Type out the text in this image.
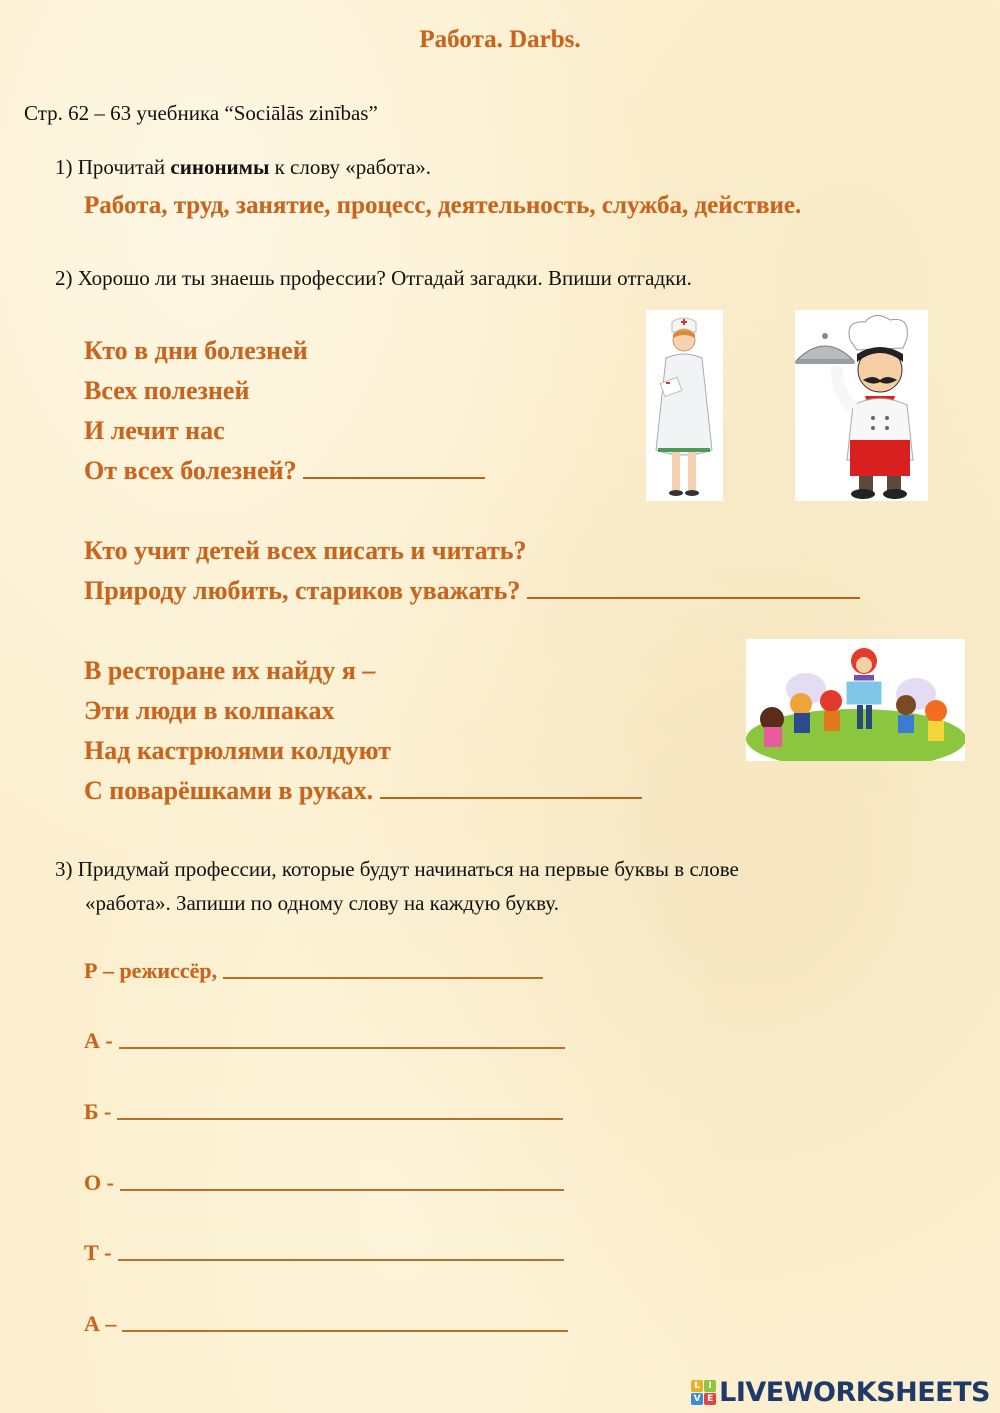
Работа. Darbs.
Стр. 62 – 63 учебника “Sociālās zinības”
1) Прочитай синонимы к слову «работа».
Работа, труд, занятие, процесс, деятельность, служба, действие.
2) Хорошо ли ты знаешь профессии? Отгадай загадки. Впиши отгадки.
Кто в дни болезней
Всех полезней
И лечит нас
От всех болезней?
Кто учит детей всех писать и читать?
Природу любить, стариков уважать?
В ресторане их найду я –
Эти люди в колпаках
Над кастрюлями колдуют
С поварёшками в руках.
3) Придумай профессии, которые будут начинаться на первые буквы в слове
«работа». Запиши по одному слову на каждую букву.
Р – режиссёр,
А -
Б -
О -
Т -
А –
L I
V E LIVEWORKSHEETS
